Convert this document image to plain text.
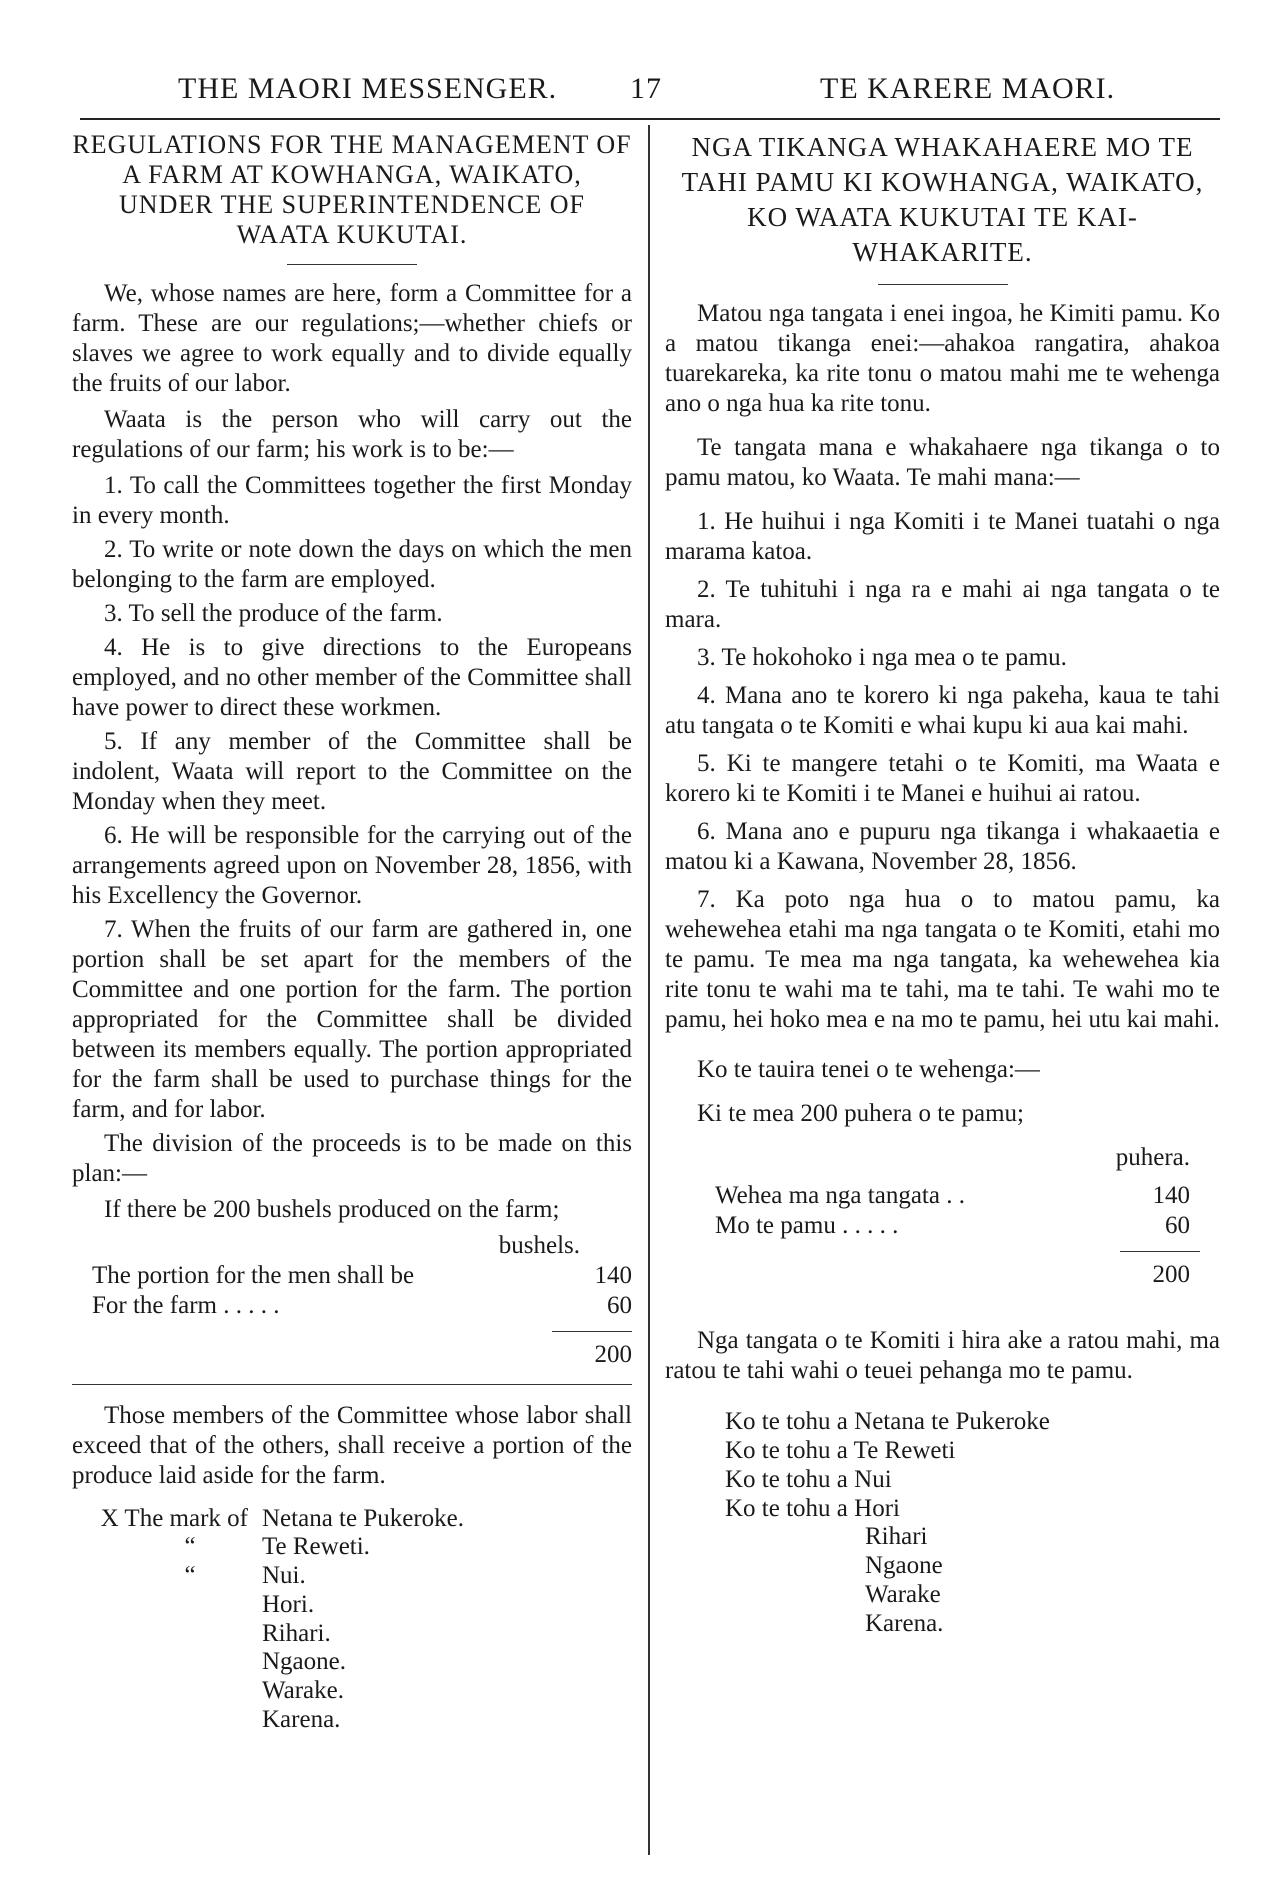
THE MAORI MESSENGER. 17	TE KARERE MAORI.
REGULATIONS FOR THE MANAGEMENT OF A FARM AT KOWHANGA, WAIKATO, UNDER THE SUPERINTENDENCE OF WAATA KUKUTAI.

We, whose names are here, form a Committee for a farm. These are our regulations;—whether chiefs or slaves we agree to work equally and to divide equally the fruits of our labor.

Waata is the person who will carry out the regulations of our farm; his work is to be:—

1. To call the Committees together the first Monday in every month.

2. To write or note down the days on which the men belonging to the farm are employed.

3. To sell the produce of the farm.

4. He is to give directions to the Europeans employed, and no other member of the Committee shall have power to direct these workmen.

5. If any member of the Committee shall be indolent, Waata will report to the Committee on the Monday when they meet.

6. He will be responsible for the carrying out of the arrangements agreed upon on November 28, 1856, with his Excellency the Governor.

7. When the fruits of our farm are gathered in, one portion shall be set apart for the members of the Committee and one portion for the farm. The portion appropriated for the Committee shall be divided between its members equally. The portion appropriated for the farm shall be used to purchase things for the farm, and for labor.

The division of the proceeds is to be made on this plan:—

If there be 200 bushels produced on the farm;

bushels.
The portion for the men shall be	140
For the farm . . . . .	60
200

Those members of the Committee whose labor shall exceed that of the others, shall receive a portion of the produce laid aside for the farm.

X The mark of Netana te Pukeroke.
“	Te Reweti.
“	Nui.
Hori.
Rihari.
Ngaone.
Warake.
Karena.
NGA TIKANGA WHAKAHAERE MO TE TAHI PAMU KI KOWHANGA, WAIKATO, KO WAATA KUKUTAI TE KAI-WHAKARITE.

Matou nga tangata i enei ingoa, he Kimiti pamu. Ko a matou tikanga enei:—ahakoa rangatira, ahakoa tuarekareka, ka rite tonu o matou mahi me te wehenga ano o nga hua ka rite tonu.

Te tangata mana e whakahaere nga tikanga o to pamu matou, ko Waata. Te mahi mana:—

1. He huihui i nga Komiti i te Manei tuatahi o nga marama katoa.

2. Te tuhituhi i nga ra e mahi ai nga tangata o te mara.

3. Te hokohoko i nga mea o te pamu.

4. Mana ano te korero ki nga pakeha, kaua te tahi atu tangata o te Komiti e whai kupu ki aua kai mahi.

5. Ki te mangere tetahi o te Komiti, ma Waata e korero ki te Komiti i te Manei e huihui ai ratou.

6. Mana ano e pupuru nga tikanga i whakaaetia e matou ki a Kawana, November 28, 1856.

7. Ka poto nga hua o to matou pamu, ka wehewehea etahi ma nga tangata o te Komiti, etahi mo te pamu. Te mea ma nga tangata, ka wehewehea kia rite tonu te wahi ma te tahi, ma te tahi. Te wahi mo te pamu, hei hoko mea e na mo te pamu, hei utu kai mahi.

Ko te tauira tenei o te wehenga:—

Ki te mea 200 puhera o te pamu;

puhera.
Wehea ma nga tangata . .	140
Mo te pamu . . . . .	60
200

Nga tangata o te Komiti i hira ake a ratou mahi, ma ratou te tahi wahi o teuei pehanga mo te pamu.

Ko te tohu a Netana te Pukeroke
Ko te tohu a Te Reweti
Ko te tohu a Nui
Ko te tohu a Hori
Rihari
Ngaone
Warake
Karena.
